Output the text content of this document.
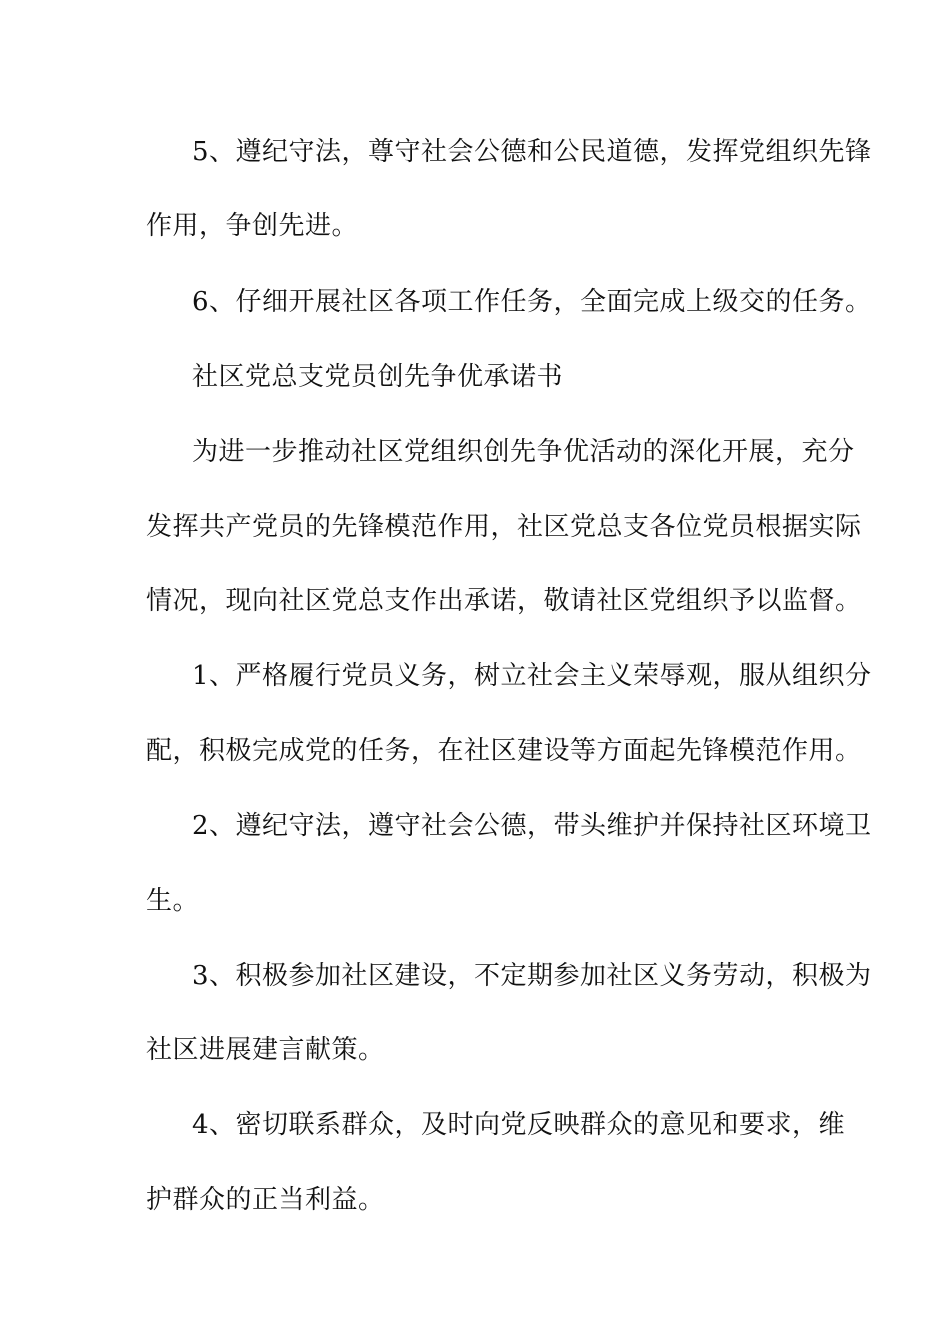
5、遵纪守法，尊守社会公德和公民道德，发挥党组织先锋
作用，争创先进。
6、仔细开展社区各项工作任务，全面完成上级交的任务。
社区党总支党员创先争优承诺书
为进一步推动社区党组织创先争优活动的深化开展，充分
发挥共产党员的先锋模范作用，社区党总支各位党员根据实际
情况，现向社区党总支作出承诺，敬请社区党组织予以监督。
1、严格履行党员义务，树立社会主义荣辱观，服从组织分
配，积极完成党的任务，在社区建设等方面起先锋模范作用。
2、遵纪守法，遵守社会公德，带头维护并保持社区环境卫
生。
3、积极参加社区建设，不定期参加社区义务劳动，积极为
社区进展建言献策。
4、密切联系群众，及时向党反映群众的意见和要求，维
护群众的正当利益。
